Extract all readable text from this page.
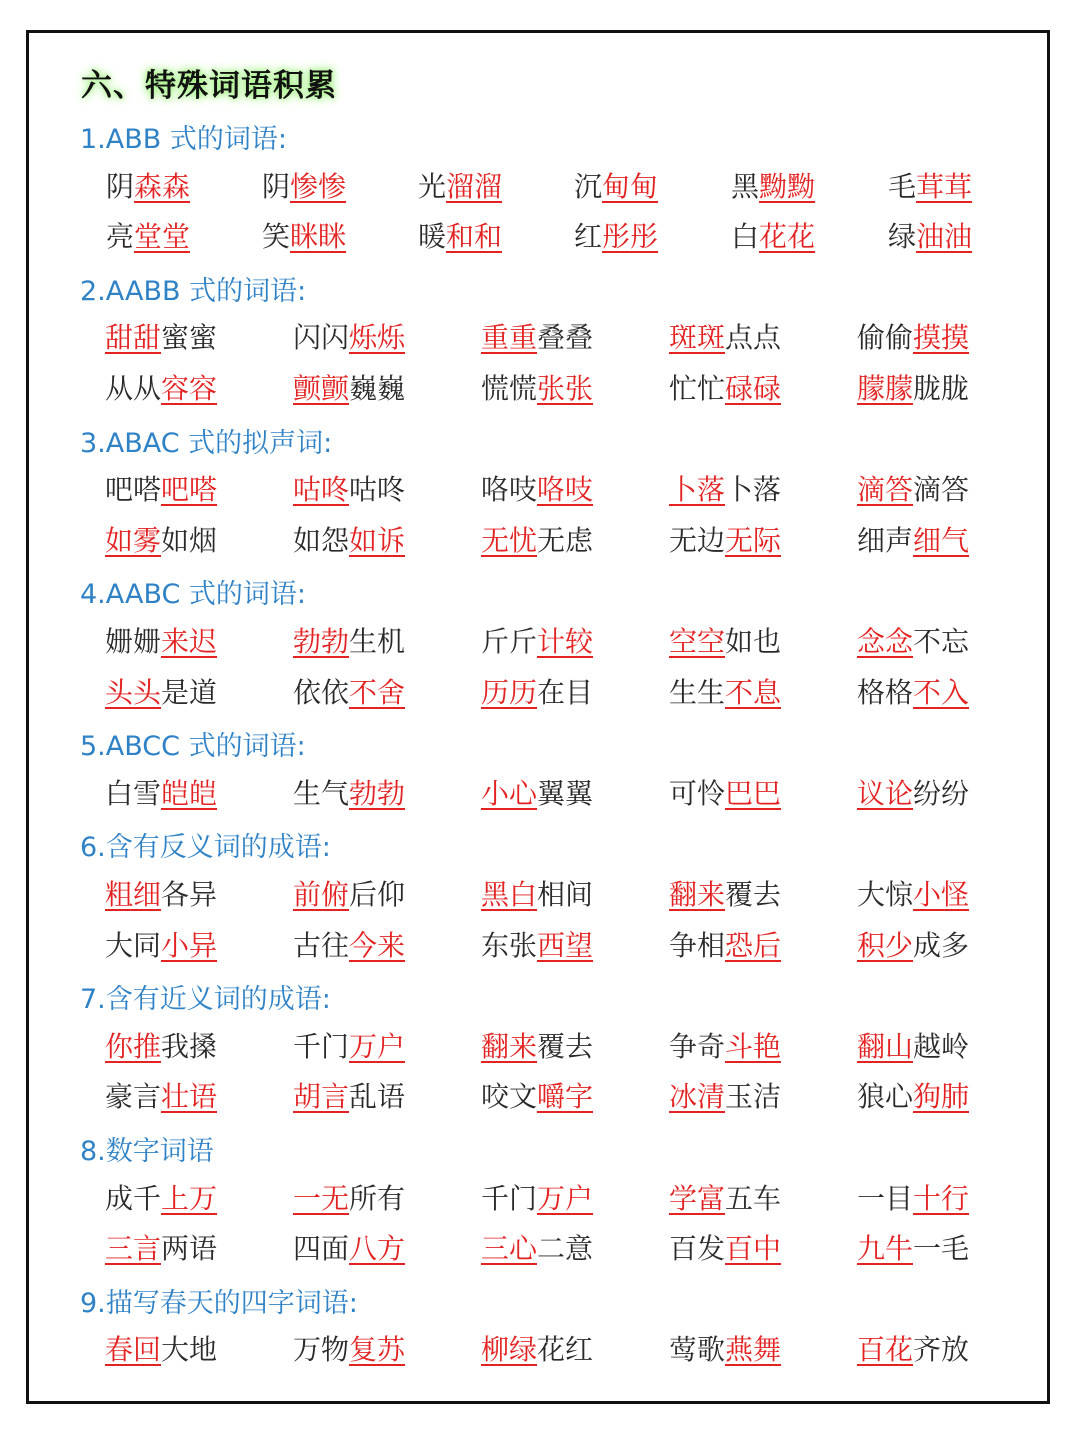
六、特殊词语积累
1.ABB 式的词语:
阴森森	阴惨惨	光溜溜	沉甸甸	黑黝黝	毛茸茸
亮堂堂	笑眯眯	暖和和	红彤彤	白花花	绿油油
2.AABB 式的词语:
甜甜蜜蜜	闪闪烁烁	重重叠叠	斑斑点点	偷偷摸摸
从从容容	颤颤巍巍	慌慌张张	忙忙碌碌	朦朦胧胧
3.ABAC 式的拟声词:
吧嗒吧嗒	咕咚咕咚	咯吱咯吱	卜落卜落	滴答滴答
如雾如烟	如怨如诉	无忧无虑	无边无际	细声细气
4.AABC 式的词语:
姗姗来迟	勃勃生机	斤斤计较	空空如也	念念不忘
头头是道	依依不舍	历历在目	生生不息	格格不入
5.ABCC 式的词语:
白雪皑皑	生气勃勃	小心翼翼	可怜巴巴	议论纷纷
6.含有反义词的成语:
粗细各异	前俯后仰	黑白相间	翻来覆去	大惊小怪
大同小异	古往今来	东张西望	争相恐后	积少成多
7.含有近义词的成语:
你推我搡	千门万户	翻来覆去	争奇斗艳	翻山越岭
豪言壮语	胡言乱语	咬文嚼字	冰清玉洁	狼心狗肺
8.数字词语
成千上万	一无所有	千门万户	学富五车	一目十行
三言两语	四面八方	三心二意	百发百中	九牛一毛
9.描写春天的四字词语:
春回大地	万物复苏	柳绿花红	莺歌燕舞	百花齐放
